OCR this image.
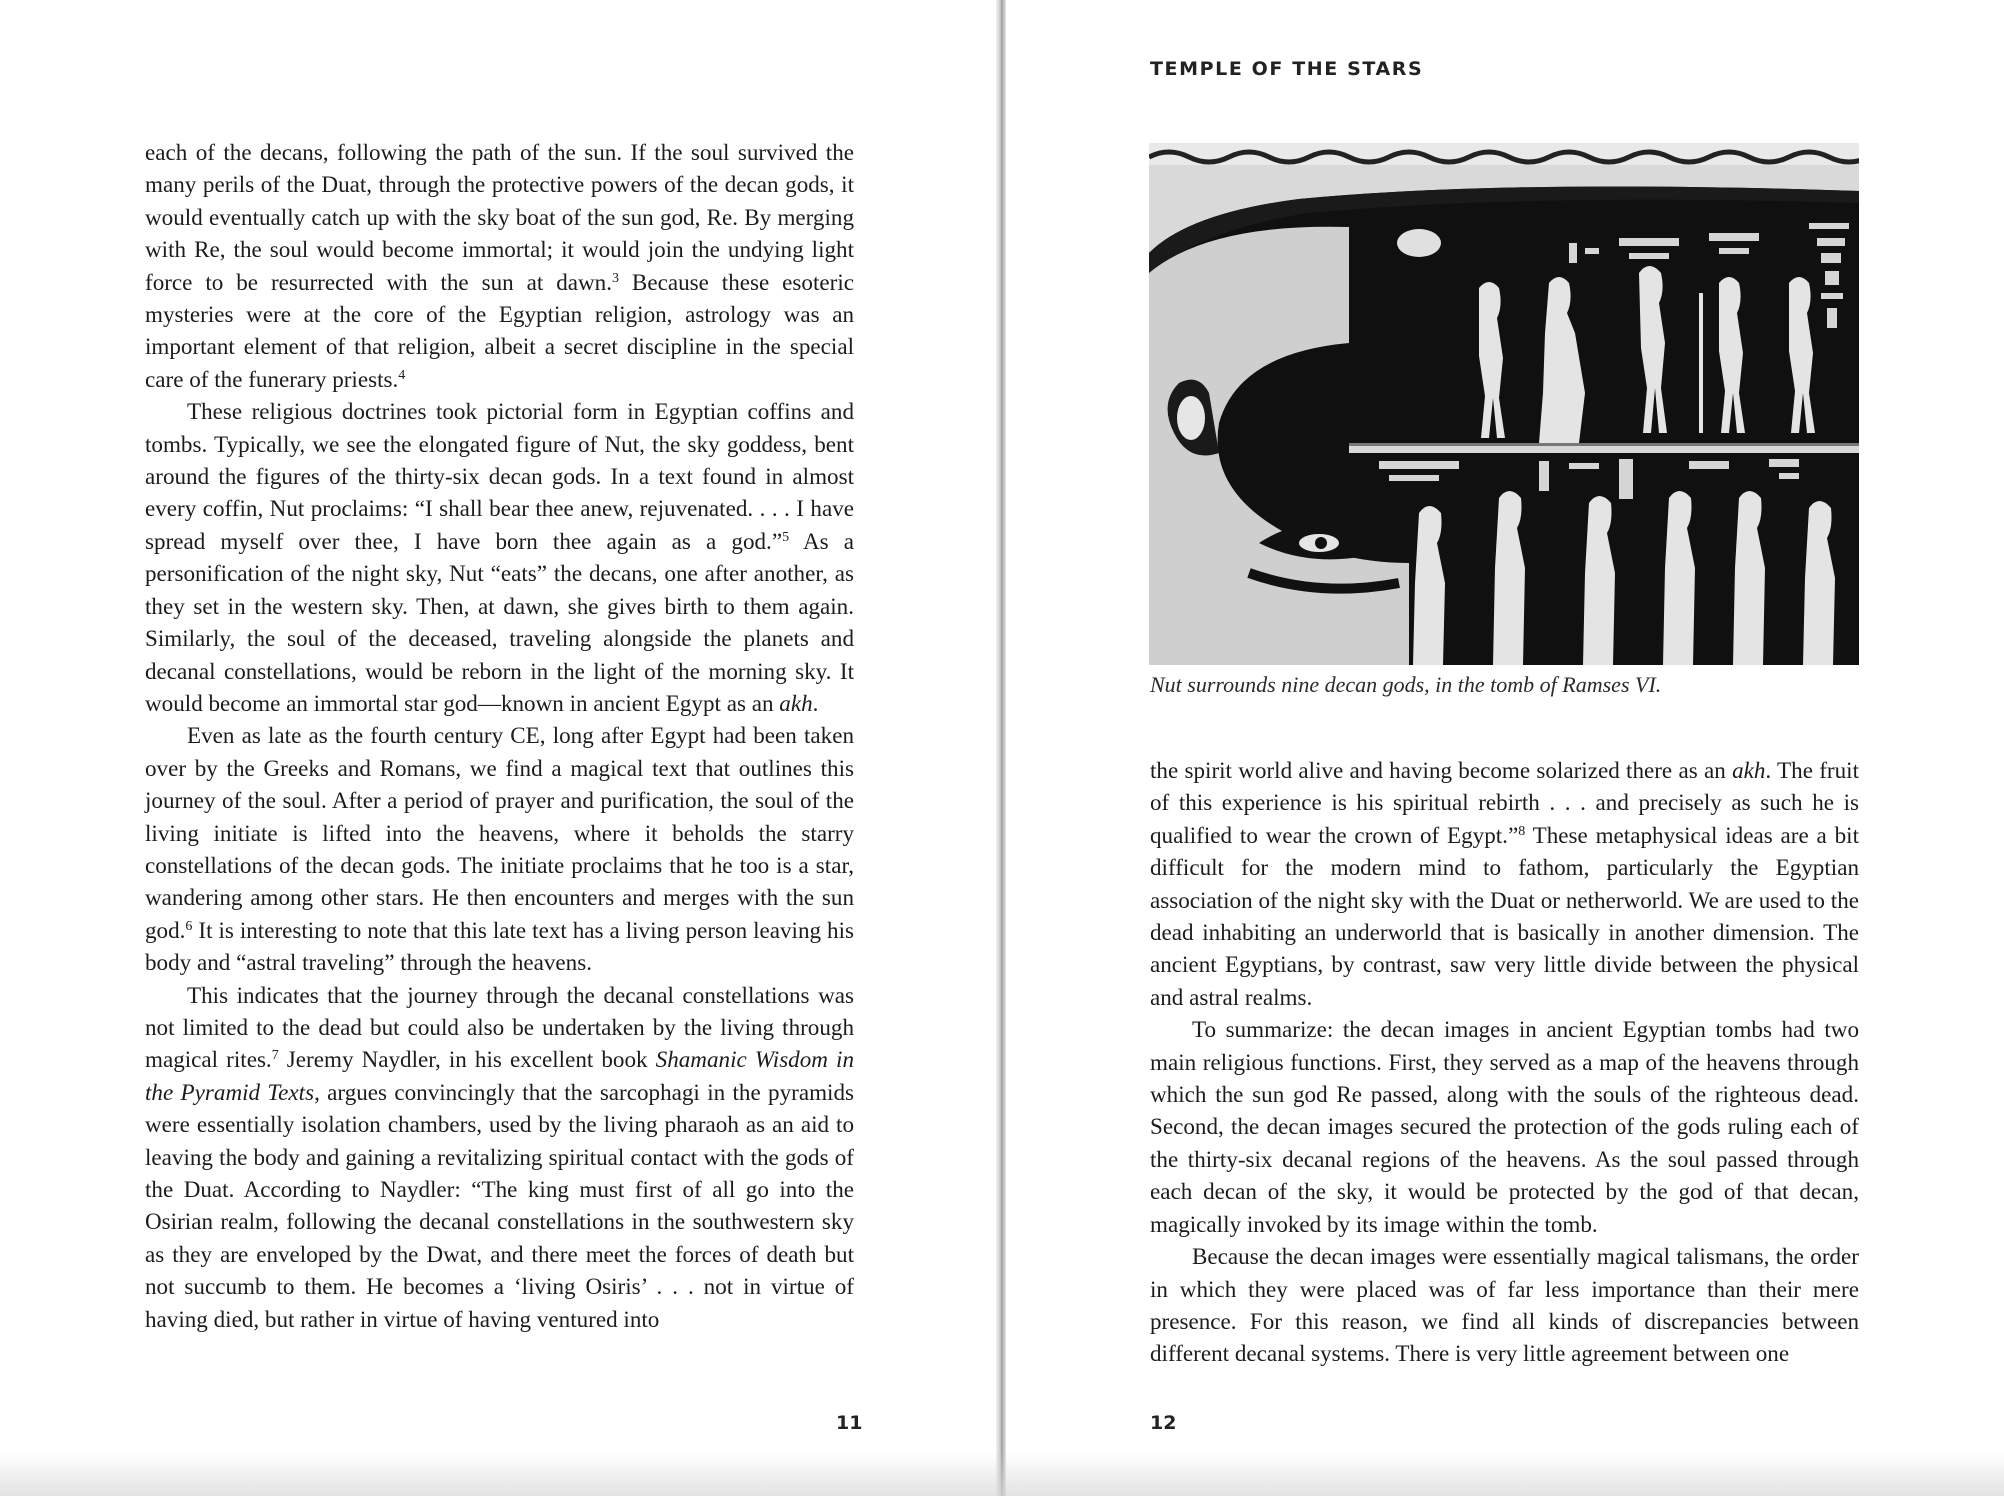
each of the decans, following the path of the sun. If the soul survived the many perils of the Duat, through the protective powers of the decan gods, it would eventually catch up with the sky boat of the sun god, Re. By merging with Re, the soul would become immortal; it would join the undying light force to be resurrected with the sun at dawn.$^3$ Because these esoteric mysteries were at the core of the Egyptian religion, astrology was an important element of that religion, albeit a secret discipline in the special care of the funerary priests.$^4$

These religious doctrines took pictorial form in Egyptian coffins and tombs. Typically, we see the elongated figure of Nut, the sky goddess, bent around the figures of the thirty-six decan gods. In a text found in almost every coffin, Nut proclaims: “I shall bear thee anew, rejuvenated. . . . I have spread myself over thee, I have born thee again as a god.”$^5$ As a personification of the night sky, Nut “eats” the decans, one after another, as they set in the western sky. Then, at dawn, she gives birth to them again. Similarly, the soul of the deceased, traveling alongside the planets and decanal constellations, would be reborn in the light of the morning sky. It would become an immortal star god—known in ancient Egypt as an akh.

Even as late as the fourth century CE, long after Egypt had been taken over by the Greeks and Romans, we find a magical text that outlines this journey of the soul. After a period of prayer and purification, the soul of the living initiate is lifted into the heavens, where it beholds the starry constellations of the decan gods. The initiate proclaims that he too is a star, wandering among other stars. He then encounters and merges with the sun god.$^6$ It is interesting to note that this late text has a living person leaving his body and “astral traveling” through the heavens.

This indicates that the journey through the decanal constellations was not limited to the dead but could also be undertaken by the living through magical rites.$^7$ Jeremy Naydler, in his excellent book Shamanic Wisdom in the Pyramid Texts, argues convincingly that the sarcophagi in the pyramids were essentially isolation chambers, used by the living pharaoh as an aid to leaving the body and gaining a revitalizing spiritual contact with the gods of the Duat. According to Naydler: “The king must first of all go into the Osirian realm, following the decanal constellations in the southwestern sky as they are enveloped by the Dwat, and there meet the forces of death but not succumb to them. He becomes a ‘living Osiris’ . . . not in virtue of having died, but rather in virtue of having ventured into

11
TEMPLE OF THE STARS
Nut surrounds nine decan gods, in the tomb of Ramses VI.

the spirit world alive and having become solarized there as an akh. The fruit of this experience is his spiritual rebirth . . . and precisely as such he is qualified to wear the crown of Egypt.”$^8$ These metaphysical ideas are a bit difficult for the modern mind to fathom, particularly the Egyptian association of the night sky with the Duat or netherworld. We are used to the dead inhabiting an underworld that is basically in another dimension. The ancient Egyptians, by contrast, saw very little divide between the physical and astral realms.

To summarize: the decan images in ancient Egyptian tombs had two main religious functions. First, they served as a map of the heavens through which the sun god Re passed, along with the souls of the righteous dead. Second, the decan images secured the protection of the gods ruling each of the thirty-six decanal regions of the heavens. As the soul passed through each decan of the sky, it would be protected by the god of that decan, magically invoked by its image within the tomb.

Because the decan images were essentially magical talismans, the order in which they were placed was of far less importance than their mere presence. For this reason, we find all kinds of discrepancies between different decanal systems. There is very little agreement between one

12
